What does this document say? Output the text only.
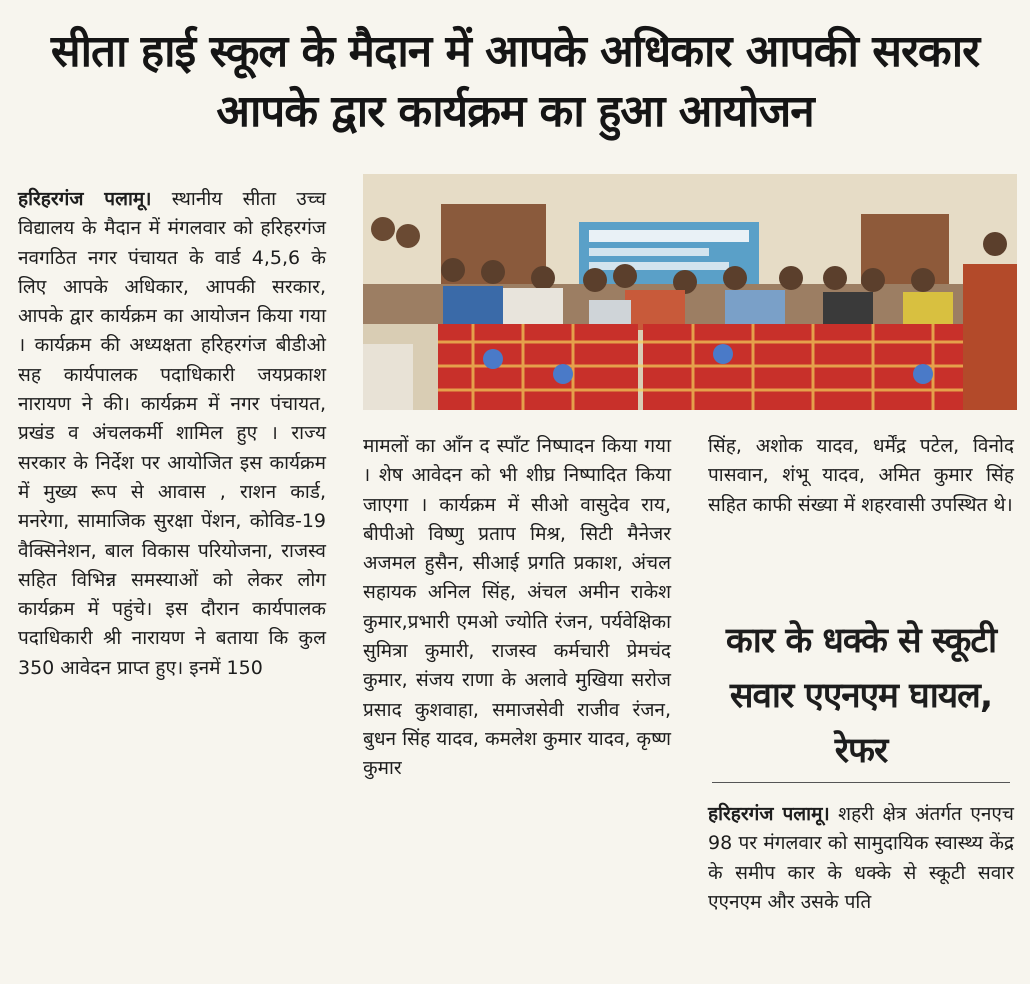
सीता हाई स्कूल के मैदान में आपके अधिकार आपकी सरकार आपके द्वार कार्यक्रम का हुआ आयोजन

हरिहरगंज पलामू। स्थानीय सीता उच्च विद्यालय के मैदान में मंगलवार को हरिहरगंज नवगठित नगर पंचायत के वार्ड 4,5,6 के लिए आपके अधिकार, आपकी सरकार, आपके द्वार कार्यक्रम का आयोजन किया गया । कार्यक्रम की अध्यक्षता हरिहरगंज बीडीओ सह कार्यपालक पदाधिकारी जयप्रकाश नारायण ने की। कार्यक्रम में नगर पंचायत, प्रखंड व अंचलकर्मी शामिल हुए । राज्य सरकार के निर्देश पर आयोजित इस कार्यक्रम में मुख्य रूप से आवास , राशन कार्ड, मनरेगा, सामाजिक सुरक्षा पेंशन, कोविड-19 वैक्सिनेशन, बाल विकास परियोजना, राजस्व सहित विभिन्न समस्याओं को लेकर लोग कार्यक्रम में पहुंचे। इस दौरान कार्यपालक पदाधिकारी श्री नारायण ने बताया कि कुल 350 आवेदन प्राप्त हुए। इनमें 150

मामलों का आँन द स्पाँट निष्पादन किया गया । शेष आवेदन को भी शीघ्र निष्पादित किया जाएगा । कार्यक्रम में सीओ वासुदेव राय, बीपीओ विष्णु प्रताप मिश्र, सिटी मैनेजर अजमल हुसैन, सीआई प्रगति प्रकाश, अंचल सहायक अनिल सिंह, अंचल अमीन राकेश कुमार,प्रभारी एमओ ज्योति रंजन, पर्यवेक्षिका सुमित्रा कुमारी, राजस्व कर्मचारी प्रेमचंद कुमार, संजय राणा के अलावे मुखिया सरोज प्रसाद कुशवाहा, समाजसेवी राजीव रंजन, बुधन सिंह यादव, कमलेश कुमार यादव, कृष्ण कुमार

सिंह, अशोक यादव, धर्मेंद्र पटेल, विनोद पासवान, शंभू यादव, अमित कुमार सिंह सहित काफी संख्या में शहरवासी उपस्थित थे।

कार के धक्के से स्कूटी सवार एएनएम घायल, रेफर

हरिहरगंज पलामू। शहरी क्षेत्र अंतर्गत एनएच 98 पर मंगलवार को सामुदायिक स्वास्थ्य केंद्र के समीप कार के धक्के से स्कूटी सवार एएनएम और उसके पति
